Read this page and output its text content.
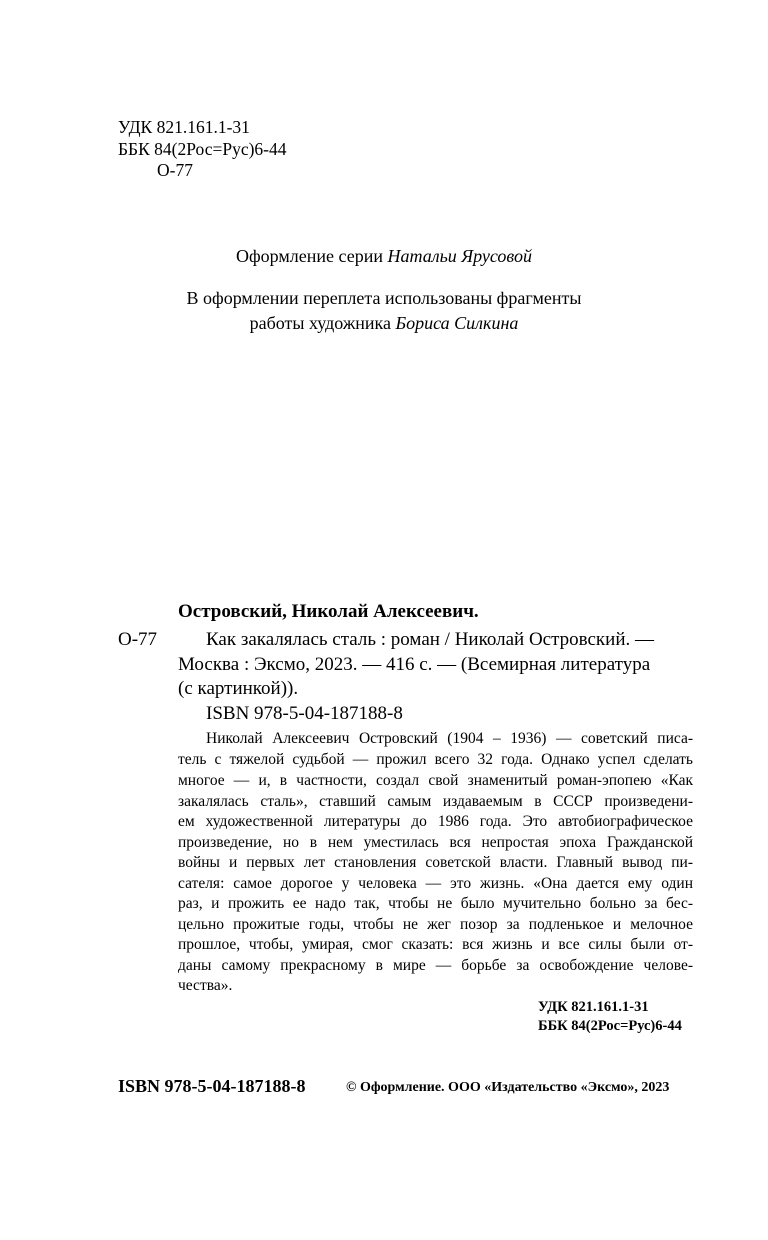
УДК 821.161.1-31
ББК 84(2Рос=Рус)6-44
О-77
Оформление серии Натальи Ярусовой
В оформлении переплета использованы фрагменты
работы художника Бориса Силкина
Островский, Николай Алексеевич.
О-77	Как закалялась сталь : роман / Николай Островский. —
Москва : Эксмо, 2023. — 416 с. — (Всемирная литература
(с картинкой)).
ISBN 978-5-04-187188-8
Николай Алексеевич Островский (1904 – 1936) — советский писа-
тель с тяжелой судьбой — прожил всего 32 года. Однако успел сделать
многое — и, в частности, создал свой знаменитый роман-эпопею «Как
закалялась сталь», ставший самым издаваемым в СССР произведени-
ем художественной литературы до 1986 года. Это автобиографическое
произведение, но в нем уместилась вся непростая эпоха Гражданской
войны и первых лет становления советской власти. Главный вывод пи-
сателя: самое дорогое у человека — это жизнь. «Она дается ему один
раз, и прожить ее надо так, чтобы не было мучительно больно за бес-
цельно прожитые годы, чтобы не жег позор за подленькое и мелочное
прошлое, чтобы, умирая, смог сказать: вся жизнь и все силы были от-
даны самому прекрасному в мире — борьбе за освобождение челове-
чества».
УДК 821.161.1-31
ББК 84(2Рос=Рус)6-44
ISBN 978-5-04-187188-8	© Оформление. ООО «Издательство «Эксмо», 2023
